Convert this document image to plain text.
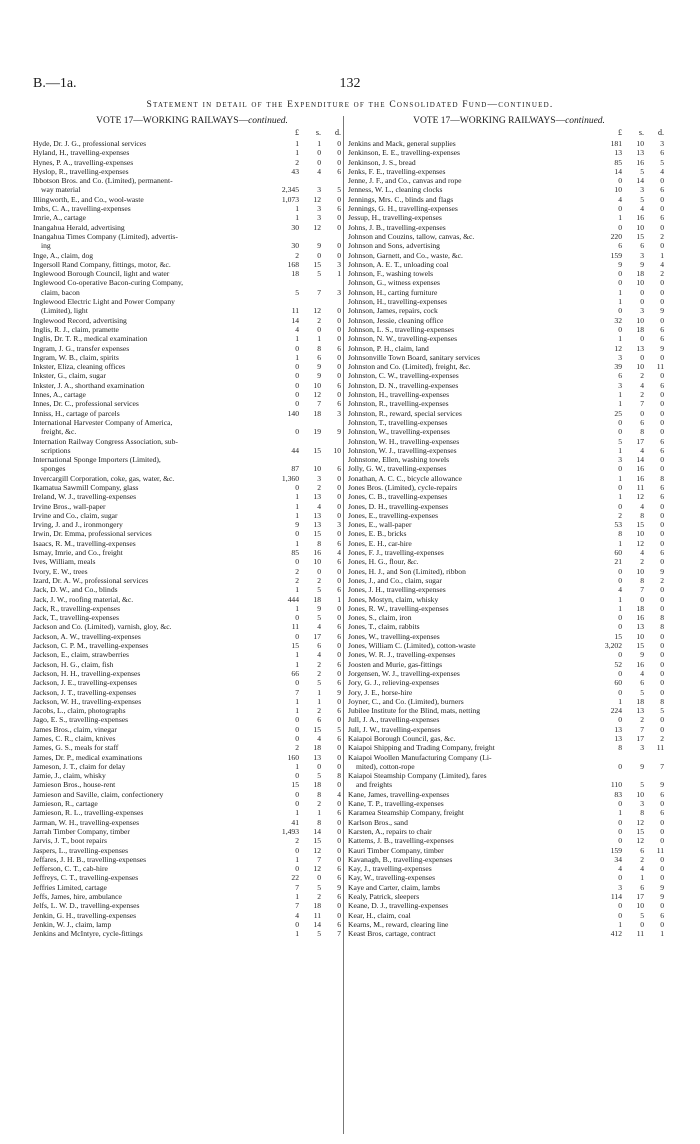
B.—1a.	132
Statement in detail of the Expenditure of the Consolidated Fund—continued.
VOTE 17—WORKING RAILWAYS—continued.
£	s.	d.
Hyde, Dr. J. G., professional services	1	1	0
Hyland, H., travelling-expenses	1	0	0
Hynes, P. A., travelling-expenses	2	0	0
Hyslop, R., travelling-expenses	43	4	6
Ibbotson Bros. and Co. (Limited), permanent-
way material	2,345	3	5
Illingworth, E., and Co., wool-waste	1,073	12	0
Imbs, C. A., travelling-expenses	1	3	6
Imrie, A., cartage	1	3	0
Inangahua Herald, advertising	30	12	0
Inangahua Times Company (Limited), advertis-
ing	30	9	0
Inge, A., claim, dog	2	0	0
Ingersoll Rand Company, fittings, motor, &c.	168	15	3
Inglewood Borough Council, light and water	18	5	1
Inglewood Co-operative Bacon-curing Company,
claim, bacon	5	7	3
Inglewood Electric Light and Power Company
(Limited), light	11	12	0
Inglewood Record, advertising	14	2	0
Inglis, R. J., claim, pramette	4	0	0
Inglis, Dr. T. R., medical examination	1	1	0
Ingram, J. G., transfer expenses	0	8	6
Ingram, W. B., claim, spirits	1	6	0
Inkster, Eliza, cleaning offices	0	9	0
Inkster, G., claim, sugar	0	9	0
Inkster, J. A., shorthand examination	0	10	6
Innes, A., cartage	0	12	0
Innes, Dr. C., professional services	0	7	6
Inniss, H., cartage of parcels	140	18	3
International Harvester Company of America,
freight, &c.	0	19	9
Internation Railway Congress Association, sub-
scriptions	44	15	10
International Sponge Importers (Limited),
sponges	87	10	6
Invercargill Corporation, coke, gas, water, &c.	1,360	3	0
Ikamatua Sawmill Company, glass	0	2	0
Ireland, W. J., travelling-expenses	1	13	0
Irvine Bros., wall-paper	1	4	0
Irvine and Co., claim, sugar	1	13	0
Irving, J. and J., ironmongery	9	13	3
Irwin, Dr. Emma, professional services	0	15	0
Isaacs, R. M., travelling-expenses	1	8	6
Ismay, Imrie, and Co., freight	85	16	4
Ives, William, meals	0	10	6
Ivory, E. W., trees	2	0	0
Izard, Dr. A. W., professional services	2	2	0
Jack, D. W., and Co., blinds	1	5	6
Jack, J. W., roofing material, &c.	444	18	1
Jack, R., travelling-expenses	1	9	0
Jack, T., travelling-expenses	0	5	0
Jackson and Co. (Limited), varnish, gloy, &c.	11	4	6
Jackson, A. W., travelling-expenses	0	17	6
Jackson, C. P. M., travelling-expenses	15	6	0
Jackson, E., claim, strawberries	1	4	0
Jackson, H. G., claim, fish	1	2	6
Jackson, H. H., travelling-expenses	66	2	0
Jackson, J. E., travelling-expenses	0	5	6
Jackson, J. T., travelling-expenses	7	1	9
Jackson, W. H., travelling-expenses	1	1	0
Jacobs, L., claim, photographs	1	2	6
Jago, E. S., travelling-expenses	0	6	0
James Bros., claim, vinegar	0	15	5
James, C. R., claim, knives	0	4	6
James, G. S., meals for staff	2	18	0
James, Dr. P., medical examinations	160	13	0
Jameson, J. T., claim for delay	1	0	0
Jamie, J., claim, whisky	0	5	8
Jamieson Bros., house-rent	15	18	0
Jamieson and Saville, claim, confectionery	0	8	4
Jamieson, R., cartage	0	2	0
Jamieson, R. L., travelling-expenses	1	1	6
Jarman, W. H., travelling-expenses	41	8	0
Jarrah Timber Company, timber	1,493	14	0
Jarvis, J. T., boot repairs	2	15	0
Jaspers, L., travelling-expenses	0	12	0
Jeffares, J. H. B., travelling-expenses	1	7	0
Jefferson, C. T., cab-hire	0	12	6
Jeffreys, C. T., travelling-expenses	22	0	6
Jeffries Limited, cartage	7	5	9
Jeffs, James, hire, ambulance	1	2	6
Jelfs, L. W. D., travelling-expenses	7	18	0
Jenkin, G. H., travelling-expenses	4	11	0
Jenkin, W. J., claim, lamp	0	14	6
Jenkins and McIntyre, cycle-fittings	1	5	7
VOTE 17—WORKING RAILWAYS—continued.
£	s.	d.
Jenkins and Mack, general supplies	181	10	3
Jenkinson, E. E., travelling-expenses	13	13	6
Jenkinson, J. S., bread	85	16	5
Jenks, F. E., travelling-expenses	14	5	4
Jenne, J. F., and Co., canvas and rope	0	14	0
Jenness, W. L., cleaning clocks	10	3	6
Jennings, Mrs. C., blinds and flags	4	5	0
Jennings, G. H., travelling-expenses	0	4	0
Jessup, H., travelling-expenses	1	16	6
Johns, J. B., travelling-expenses	0	10	0
Johnson and Couzins, tallow, canvas, &c.	220	15	2
Johnson and Sons, advertising	6	6	0
Johnson, Garnett, and Co., waste, &c.	159	3	1
Johnson, A. E. T., unloading coal	9	9	4
Johnson, F., washing towels	0	18	2
Johnson, G., witness expenses	0	10	0
Johnson, H., carting furniture	1	0	0
Johnson, H., travelling-expenses	1	0	0
Johnson, James, repairs, cock	0	3	9
Johnson, Jessie, cleaning office	32	10	0
Johnson, L. S., travelling-expenses	0	18	6
Johnson, N. W., travelling-expenses	1	0	6
Johnson, P. H., claim, land	12	13	9
Johnsonville Town Board, sanitary services	3	0	0
Johnston and Co. (Limited), freight, &c.	39	10	11
Johnston, C. W., travelling-expenses	6	2	0
Johnston, D. N., travelling-expenses	3	4	6
Johnston, H., travelling-expenses	1	2	0
Johnston, R., travelling-expenses	1	7	0
Johnston, R., reward, special services	25	0	0
Johnston, T., travelling-expenses	0	6	0
Johnston, W., travelling-expenses	0	8	0
Johnston, W. H., travelling-expenses	5	17	6
Johnston, W. J., travelling-expenses	1	4	6
Johnstone, Ellen, washing towels	3	14	0
Jolly, G. W., travelling-expenses	0	16	0
Jonathan, A. C. C., bicycle allowance	1	16	8
Jones Bros. (Limited), cycle-repairs	0	11	6
Jones, C. B., travelling-expenses	1	12	6
Jones, D. H., travelling-expenses	0	4	0
Jones, E., travelling-expenses	2	8	0
Jones, E., wall-paper	53	15	0
Jones, E. B., bricks	8	10	0
Jones, E. H., car-hire	1	12	0
Jones, F. J., travelling-expenses	60	4	6
Jones, H. G., flour, &c.	21	2	0
Jones, H. J., and Son (Limited), ribbon	0	10	9
Jones, J., and Co., claim, sugar	0	8	2
Jones, J. H., travelling-expenses	4	7	0
Jones, Mostyn, claim, whisky	1	0	0
Jones, R. W., travelling-expenses	1	18	0
Jones, S., claim, iron	0	16	8
Jones, T., claim, rabbits	0	13	8
Jones, W., travelling-expenses	15	10	0
Jones, William C. (Limited), cotton-waste	3,202	15	0
Jones, W. R. J., travelling-expenses	0	9	0
Joosten and Murie, gas-fittings	52	16	0
Jorgensen, W. J., travelling-expenses	0	4	0
Jory, G. J., relieving-expenses	60	6	0
Jory, J. E., horse-hire	0	5	0
Joyner, C., and Co. (Limited), burners	1	18	8
Jubilee Institute for the Blind, mats, netting	224	13	5
Jull, J. A., travelling-expenses	0	2	0
Jull, J. W., travelling-expenses	13	7	0
Kaiapoi Borough Council, gas, &c.	13	17	2
Kaiapoi Shipping and Trading Company, freight	8	3	11
Kaiapoi Woollen Manufacturing Company (Li-
mited), cotton-rope	0	9	7
Kaiapoi Steamship Company (Limited), fares
and freights	110	5	9
Kane, James, travelling-expenses	83	10	6
Kane, T. P., travelling-expenses	0	3	0
Karamea Steamship Company, freight	1	8	6
Karlson Bros., sand	0	12	0
Karsten, A., repairs to chair	0	15	0
Kattems, J. B., travelling-expenses	0	12	0
Kauri Timber Company, timber	159	6	11
Kavanagh, B., travelling-expenses	34	2	0
Kay, J., travelling-expenses	4	4	0
Kay, W., travelling-expenses	0	1	0
Kaye and Carter, claim, lambs	3	6	9
Kealy, Patrick, sleepers	114	17	9
Keane, D. J., travelling-expenses	0	10	0
Kear, H., claim, coal	0	5	6
Kearns, M., reward, clearing line	1	0	0
Keast Bros, cartage, contract	412	11	1
